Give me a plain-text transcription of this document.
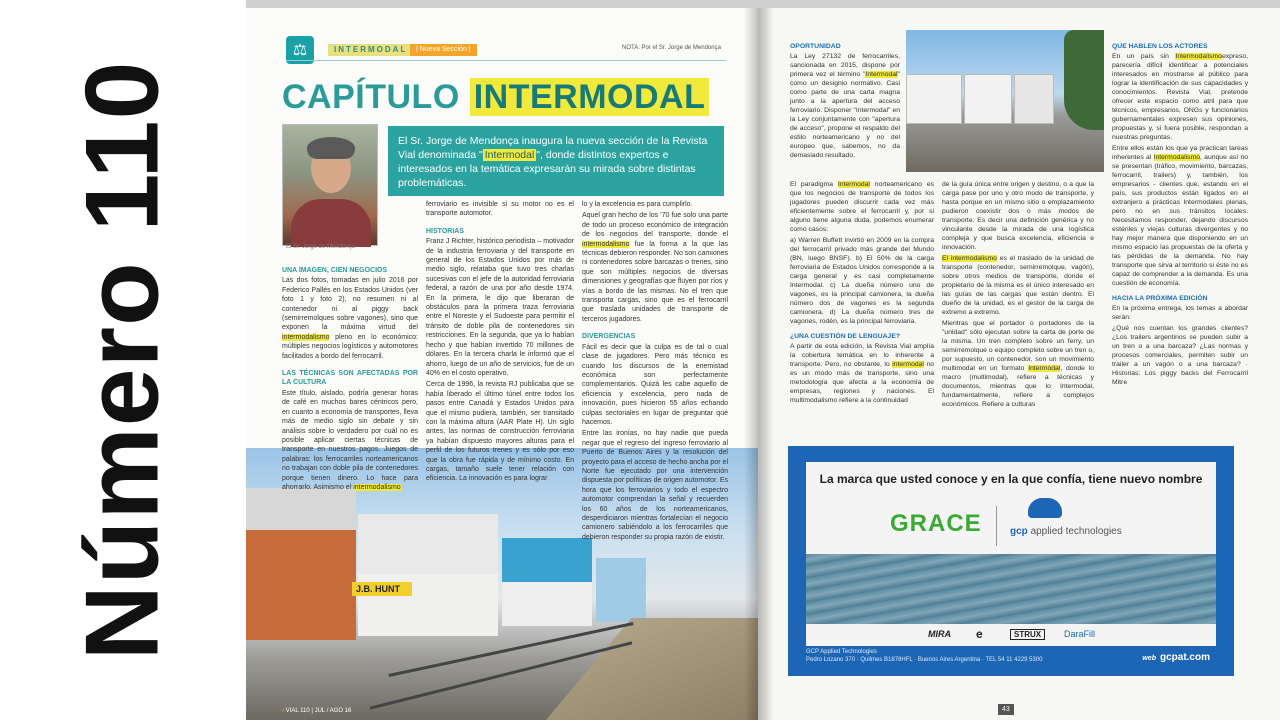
Número 110
⚖	INTERMODAL	| Nueva Sección |	NOTA: Por el Sr. Jorge de Mendonça
CAPÍTULO INTERMODAL
El Sr. Jorge de Mendonça
El Sr. Jorge de Mendonça inaugura la nueva sección de la Revista Vial denominada " Intermodal ", donde distintos expertos e interesados en la temática expresarán su mirada sobre distintas problemáticas.
J.B. HUNT
UNA IMAGEN, CIEN NEGOCIOS

Las dos fotos, tomadas en julio 2016 por Federico Pallés en los Estados Unidos (ver foto 1 y foto 2), no resumen ni al contenedor ni al piggy back (semirremolques sobre vagones), sino que exponen la máxima virtud del intermodalismo pleno en lo económico: múltiples negocios logísticos y automotores facilitados a bordo del ferrocarril.

LAS TÉCNICAS SON AFECTADAS POR LA CULTURA

Este título, aislado, podría generar horas de café en muchos bares céntricos pero, en cuanto a economía de transportes, lleva más de medio siglo sin debate y sin análisis sobre lo verdadero por cuál no es posible aplicar ciertas técnicas de transporte en nuestros pagos. Juegos de palabras: los ferrocarriles norteamericanos no trabajan con doble pila de contenedores porque tienen dinero. Lo hace para ahorrarlo. Asimismo el intermodalismo

ferroviario es invisible si su motor no es el transporte automotor.

HISTORIAS

Franz J Richter, histórico periodista – motivador de la industria ferroviaria y del transporte en general de los Estados Unidos por más de medio siglo, relataba que tuvo tres charlas sucesivas con el jefe de la autoridad ferroviaria federal, a razón de una por año desde 1974. En la primera, le dijo que liberaran de obstáculos para la primera traza ferroviaria entre el Noreste y el Sudoeste para permitir el tránsito de doble pila de contenedores sin restricciones. En la segunda, que ya lo habían hecho y que habían invertido 70 millones de dólares. En la tercera charla le informó que el ahorro, luego de un año de servicios, fue de un 40% en el costo operativo.

Cerca de 1996, la revista RJ publicaba que se había liberado el último túnel entre todos los pasos entre Canadá y Estados Unidos para que el mismo pudiera, también, ser transitado con la máxima altura (AAR Plate H). Un siglo antes, las normas de construcción ferroviaria ya habían dispuesto mayores alturas para el perfil de los futuros trenes y es sólo por eso que la obra fue rápida y de mínimo costo. En cargas, tamaño suele tener relación con eficiencia. La innovación es para lograr

lo y la excelencia es para cumplirlo.

Aquel gran hecho de los '70 fue solo una parte de todo un proceso económico de integración de los negocios del transporte, donde el intermodalismo fue la forma a la que las técnicas debieron responder. No son camiones ni contenedores sobre barcazas o trenes, sino que son múltiples negocios de diversas dimensiones y geografías que fluyen por ríos y vías a bordo de las mismas. No el tren que transporta cargas, sino que es el ferrocarril que traslada unidades de transporte de terceros jugadores.

DIVERGENCIAS

Fácil es decir que la culpa es de tal o cual clase de jugadores. Pero más técnico es cuando los discursos de la enemistad económica son perfectamente complementarios. Quizá les cabe aquello de eficiencia y excelencia, pero nada de innovación, pues hicieron 55 años echando culpas sectoriales en lugar de preguntar qué hacemos.

Entre las ironías, no hay nadie que pueda negar que el regreso del ingreso ferroviario al Puerto de Buenos Aires y la resolución del proyecto para el acceso de hecho ancha por el Norte fue ejecutado por una intervención dispuesta por políticas de origen automotor. Es hora que los ferroviarios y todo el espectro automotor comprendan la señal y recuerden los 60 años de los norteamericanos, desperdiciaron mientras fortalecían el negocio camionero sabiéndolo a los ferrocarriles que debieron responder su propia razón de existir.

› VIAL 110 | JUL / AGO 16
OPORTUNIDAD

La Ley 27132 de ferrocarriles, sancionada en 2015, dispone por primera vez el término "Intermodal" como un designio normativo. Casi como parte de una carta magna junto a la apertura del acceso ferroviario. Disponer "Intermodal" en la Ley conjuntamente con "apertura de acceso", propone el respaldo del estilo norteamericano y no del europeo que, sabemos, no da demasiado resultado.

El paradigma Intermodal norteamericano es que los negocios de transporte de todos los jugadores pueden discurrir cada vez más eficientemente sobre el ferrocarril y, por si alguno tiene alguna duda, podemos enumerar como casos:

a) Warren Buffett invirtió en 2009 en la compra del ferrocarril privado más grande del Mundo (BN, luego BNSF). b) El 50% de la carga ferroviaria de Estados Unidos corresponde a la carga general y es casi completamente Intermodal. c) La dueña número uno de vagones, es la principal camionera, la dueña número dos de vagones es la segunda camionera. d) La dueña número tres de vagones, rodén, es la principal ferroviaria.

¿UNA CUESTIÓN DE LENGUAJE?

A partir de esta edición, la Revista Vial amplía la cobertura temática en lo inherente a transporte. Pero, no obstante, lo intermodal no es un modo más de transporte, sino una metodología que afecta a la economía de empresas, regiones y naciones. El multimodalismo refiere a la continuidad

de la guía única entre origen y destino, o a que la carga pase por uno y otro modo de transporte, y hasta porque en un mismo sitio o emplazamiento pudieron coexistir dos o más modos de transporte. Es decir una definición genérica y no vinculante desde la mirada de una logística compleja y que busca excelencia, eficiencia e innovación.

El intermodalismo es el traslado de la unidad de transporte (contenedor, semirremolque, vagón), sobre otros medios de transporte, donde el propietario de la misma es el único interesado en las guías de las cargas que están dentro. El dueño de la unidad, es el gestor de la carga de extremo a extremo.

Mientras que el portador o portadores de la "unidad" sólo ejecutan sobre la carta de porte de la misma. Un tren completo sobre un ferry, un semirremolque o equipo completo sobre un tren o, por supuesto, un contenedor, son un movimiento multimodal en un formato Intermodal, donde lo macro (multimodal), refiere a técnicas y documentos, mientras que lo Intermodal, fundamentalmente, refiere a complejos económicos. Refiere a culturas

QUE HABLEN LOS ACTORES

En un país sin Intermodalismoexpreso, parecería difícil identificar a potenciales interesados en mostrarse al público para lograr la identificación de sus capacidades y conocimientos. Revista Vial, pretende ofrecer este espacio como atril para que técnicos, empresarios, ONGs y funcionarios gubernamentales expresen sus opiniones, propuestas y, si fuera posible, respondan a nuestras preguntas.

Entre ellos están los que ya practican tareas inherentes al Intermodalismo, aunque así no se presentan (tráfico, movimiento, barcazas, ferrocarril, trailers) y, también, los empresarios - clientes que, estando en el país, sus productos están ligados en el extranjero a prácticas Intermodales plenas, pero no en sus tránsitos locales. Necesitamos responder, dejando discursos estériles y viejas culturas divergentes y no hay mejor manera que disponiendo en un mismo espacio las propuestas de la oferta y las pérdidas de la demanda. No hay transporte que sirva al territorio si éste no es capaz de comprender a la demanda. Es una cuestión de economía.

HACIA LA PRÓXIMA EDICIÓN

En la próxima entrega, los temas a abordar serán:

¿Qué nos cuentan los grandes clientes? ¿Los trailers argentinos se pueden subir a un tren o a una barcaza? ¿Las normas y procesos comerciales, permiten subir un trailer a un vagón o a una barcaza? · Historias: Los piggy backs del Ferrocarril Mitre

La marca que usted conoce y en la que confía, tiene nuevo nombre
GRACE	gcp applied technologies
MIRA e	STRUX	DaraFill
GCP Applied Technologies
Pedro Lozano 370 · Quilmes B1878HFL · Buenos Aires Argentina · TEL 54 11 4229 5300	web gcpat.com
43
